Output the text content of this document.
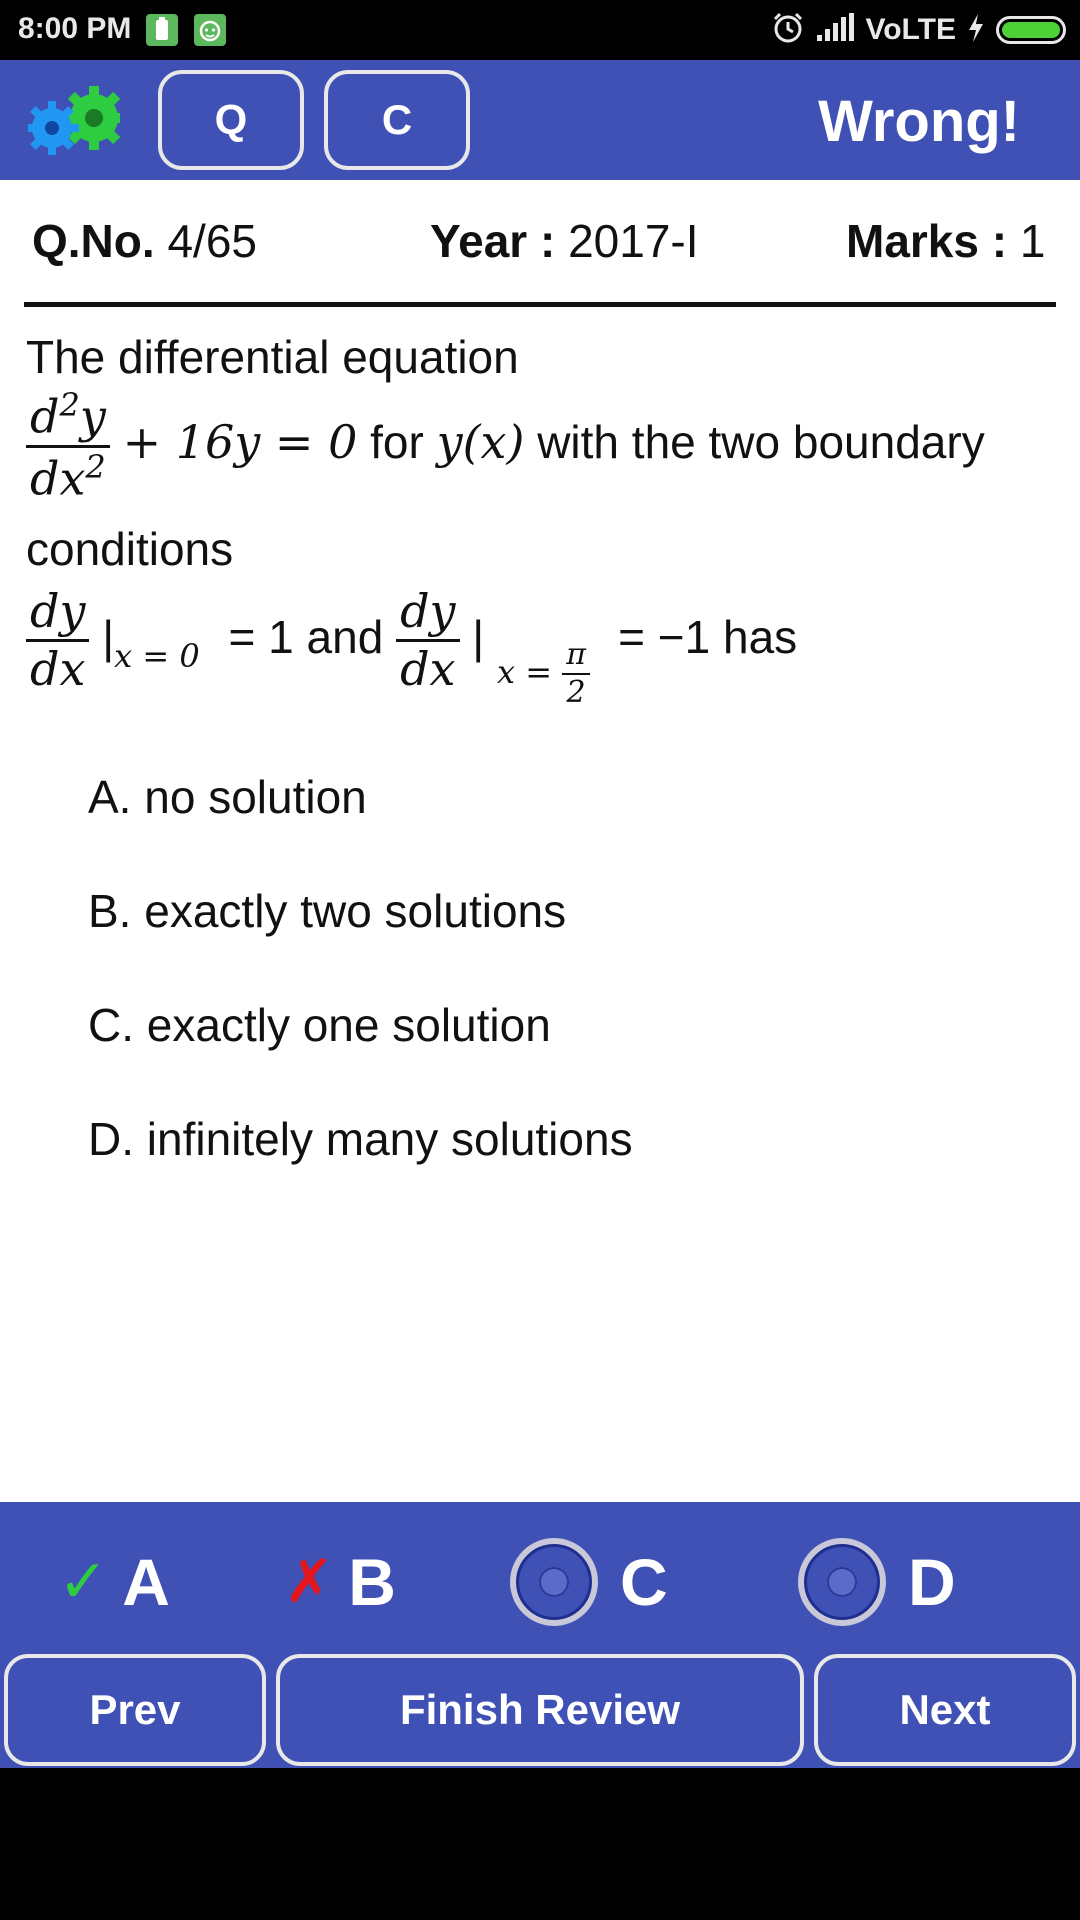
8:00 PM	VoLTE
Q	C	Wrong!
Q.No. 4/65	Year : 2017-I	Marks : 1
The differential equation
$\frac{d^2y}{dx^2} + 16y = 0$ for y(x) with the two boundary
conditions
$\frac{dy}{dx} |_{x = 0} = 1$ and $\frac{dy}{dx}$ | $_{x = \frac{\pi}{2}}$
= −1 has
A. no solution
B. exactly two solutions
C. exactly one solution
D. infinitely many solutions
✓ A ✗ B	C	D
Prev	Finish Review	Next
